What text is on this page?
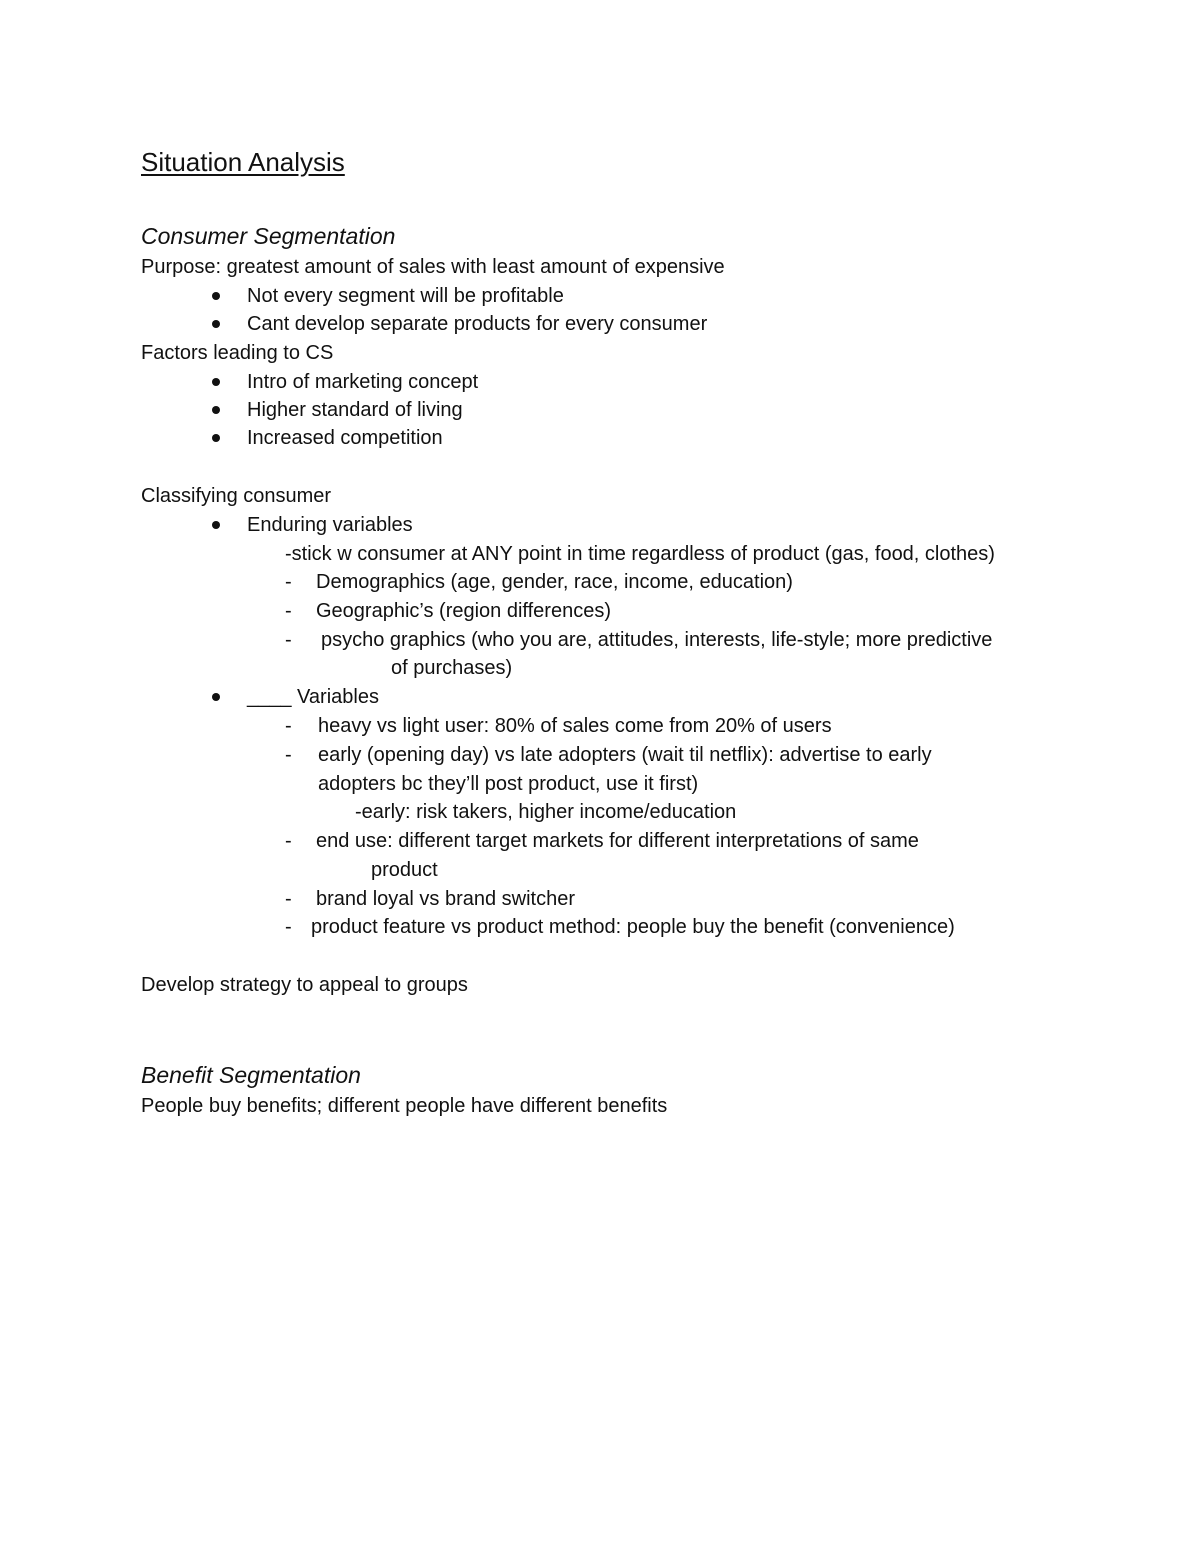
Situation Analysis
Consumer Segmentation
Purpose: greatest amount of sales with least amount of expensive
Not every segment will be profitable
Cant develop separate products for every consumer
Factors leading to CS
Intro of marketing concept
Higher standard of living
Increased competition
Classifying consumer
Enduring variables
-stick w consumer at ANY point in time regardless of product (gas, food, clothes)
- Demographics (age, gender, race, income, education)
- Geographic’s (region differences)
- psycho graphics (who you are, attitudes, interests, life-style; more predictive
of purchases)
____ Variables
- heavy vs light user: 80% of sales come from 20% of users
- early (opening day) vs late adopters (wait til netflix): advertise to early
adopters bc they’ll post product, use it first)
-early: risk takers, higher income/education
- end use: different target markets for different interpretations of same
product
- brand loyal vs brand switcher
- product feature vs product method: people buy the benefit (convenience)
Develop strategy to appeal to groups
Benefit Segmentation
People buy benefits; different people have different benefits
